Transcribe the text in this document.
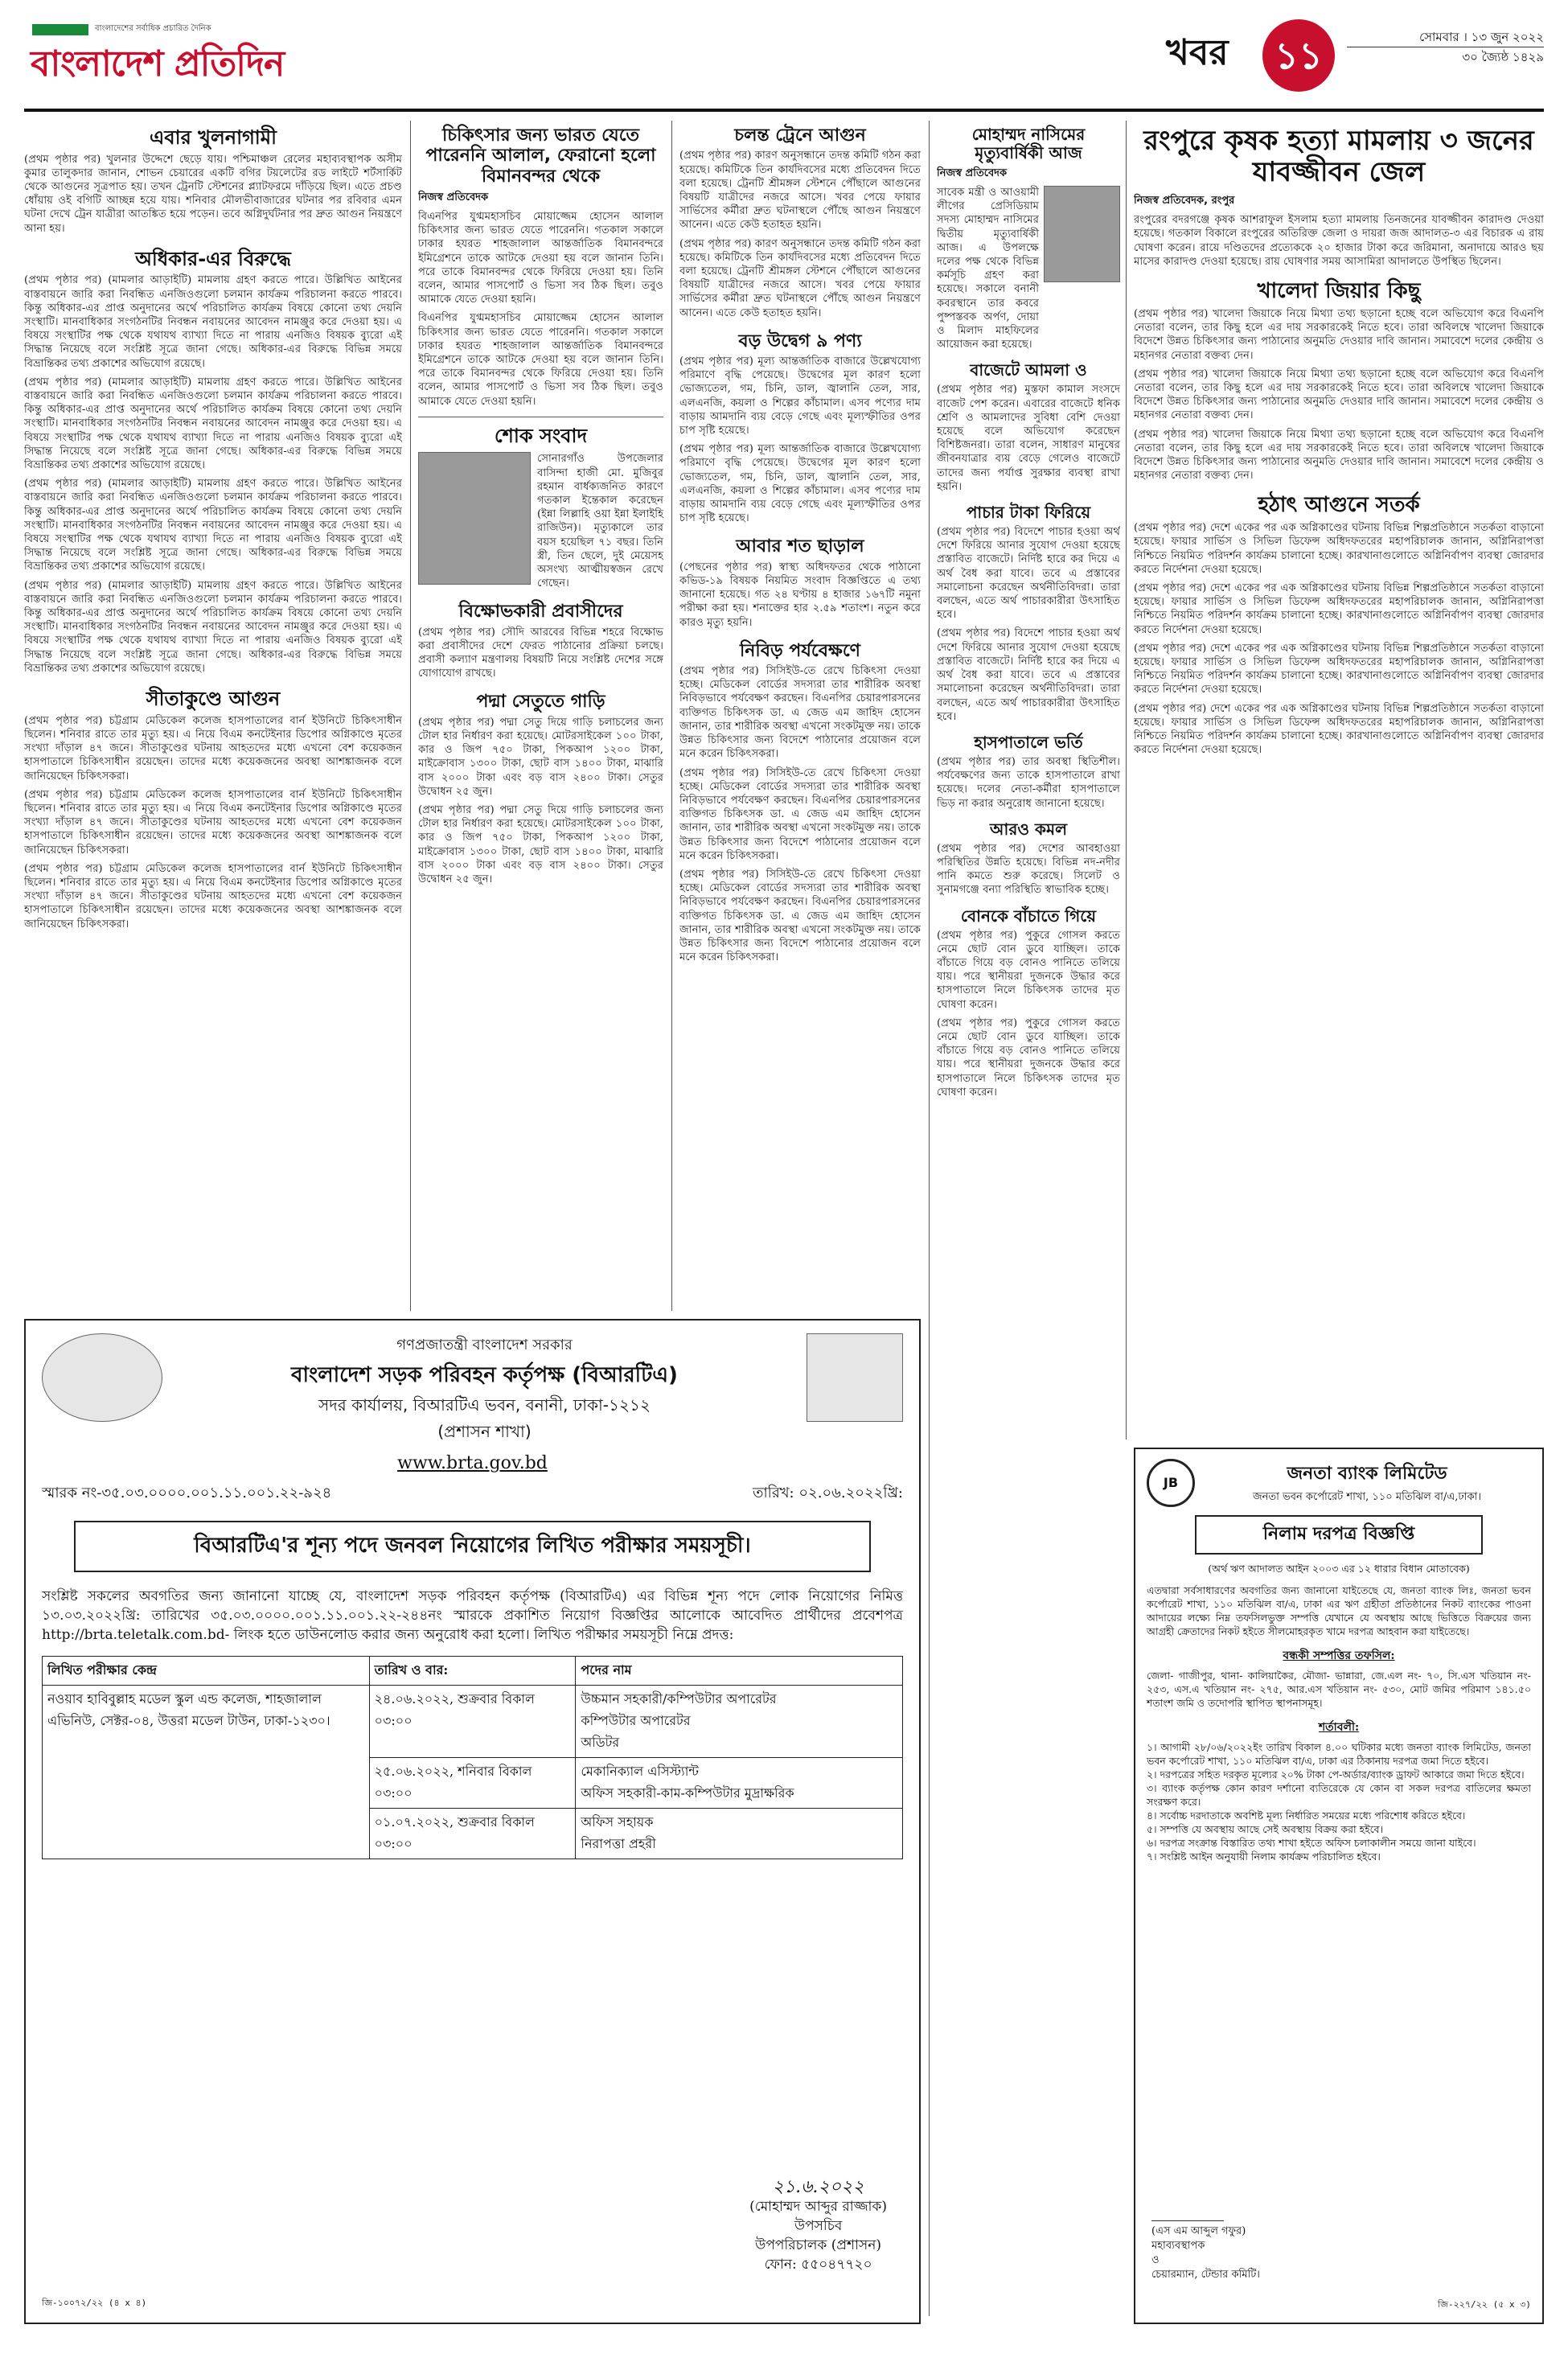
বাংলাদেশের সর্বাধিক প্রচারিত দৈনিক
বাংলাদেশ প্রতিদিন	খবর	১১	সোমবার । ১৩ জুন ২০২২
৩০ জ্যৈষ্ঠ ১৪২৯
এবার খুলনাগামী
(প্রথম পৃষ্ঠার পর) খুলনার উদ্দেশে ছেড়ে যায়। পশ্চিমাঞ্চল রেলের মহাব্যবস্থাপক অসীম কুমার তালুকদার জানান, শোভন চেয়ারের একটি বগির টয়লেটের রড লাইটে শর্টসার্কিট থেকে আগুনের সূত্রপাত হয়। তখন ট্রেনটি স্টেশনের প্ল্যাটফরমে দাঁড়িয়ে ছিল। এতে প্রচণ্ড ধোঁয়ায় ওই বগিটি আচ্ছন্ন হয়ে যায়। শনিবার মৌলভীবাজারের ঘটনার পর রবিবার এমন ঘটনা দেখে ট্রেন যাত্রীরা আতঙ্কিত হয়ে পড়েন। তবে অগ্নিদুর্ঘটনার পর দ্রুত আগুন নিয়ন্ত্রণে আনা হয়।
অধিকার-এর বিরুদ্ধে
(প্রথম পৃষ্ঠার পর) (মামলার আড়াইটি) মামলায় গ্রহণ করতে পারে। উল্লিখিত আইনের বাস্তবায়নে জারি করা নিবন্ধিত এনজিওগুলো চলমান কার্যক্রম পরিচালনা করতে পারবে। কিন্তু অধিকার-এর প্রাপ্ত অনুদানের অর্থে পরিচালিত কার্যক্রম বিষয়ে কোনো তথ্য দেয়নি সংস্থাটি। মানবাধিকার সংগঠনটির নিবন্ধন নবায়নের আবেদন নামঞ্জুর করে দেওয়া হয়। এ বিষয়ে সংস্থাটির পক্ষ থেকে যথাযথ ব্যাখ্যা দিতে না পারায় এনজিও বিষয়ক ব্যুরো এই সিদ্ধান্ত নিয়েছে বলে সংশ্লিষ্ট সূত্রে জানা গেছে। অধিকার-এর বিরুদ্ধে বিভিন্ন সময়ে বিভ্রান্তিকর তথ্য প্রকাশের অভিযোগ রয়েছে।
(প্রথম পৃষ্ঠার পর) (মামলার আড়াইটি) মামলায় গ্রহণ করতে পারে। উল্লিখিত আইনের বাস্তবায়নে জারি করা নিবন্ধিত এনজিওগুলো চলমান কার্যক্রম পরিচালনা করতে পারবে। কিন্তু অধিকার-এর প্রাপ্ত অনুদানের অর্থে পরিচালিত কার্যক্রম বিষয়ে কোনো তথ্য দেয়নি সংস্থাটি। মানবাধিকার সংগঠনটির নিবন্ধন নবায়নের আবেদন নামঞ্জুর করে দেওয়া হয়। এ বিষয়ে সংস্থাটির পক্ষ থেকে যথাযথ ব্যাখ্যা দিতে না পারায় এনজিও বিষয়ক ব্যুরো এই সিদ্ধান্ত নিয়েছে বলে সংশ্লিষ্ট সূত্রে জানা গেছে। অধিকার-এর বিরুদ্ধে বিভিন্ন সময়ে বিভ্রান্তিকর তথ্য প্রকাশের অভিযোগ রয়েছে।
(প্রথম পৃষ্ঠার পর) (মামলার আড়াইটি) মামলায় গ্রহণ করতে পারে। উল্লিখিত আইনের বাস্তবায়নে জারি করা নিবন্ধিত এনজিওগুলো চলমান কার্যক্রম পরিচালনা করতে পারবে। কিন্তু অধিকার-এর প্রাপ্ত অনুদানের অর্থে পরিচালিত কার্যক্রম বিষয়ে কোনো তথ্য দেয়নি সংস্থাটি। মানবাধিকার সংগঠনটির নিবন্ধন নবায়নের আবেদন নামঞ্জুর করে দেওয়া হয়। এ বিষয়ে সংস্থাটির পক্ষ থেকে যথাযথ ব্যাখ্যা দিতে না পারায় এনজিও বিষয়ক ব্যুরো এই সিদ্ধান্ত নিয়েছে বলে সংশ্লিষ্ট সূত্রে জানা গেছে। অধিকার-এর বিরুদ্ধে বিভিন্ন সময়ে বিভ্রান্তিকর তথ্য প্রকাশের অভিযোগ রয়েছে।
(প্রথম পৃষ্ঠার পর) (মামলার আড়াইটি) মামলায় গ্রহণ করতে পারে। উল্লিখিত আইনের বাস্তবায়নে জারি করা নিবন্ধিত এনজিওগুলো চলমান কার্যক্রম পরিচালনা করতে পারবে। কিন্তু অধিকার-এর প্রাপ্ত অনুদানের অর্থে পরিচালিত কার্যক্রম বিষয়ে কোনো তথ্য দেয়নি সংস্থাটি। মানবাধিকার সংগঠনটির নিবন্ধন নবায়নের আবেদন নামঞ্জুর করে দেওয়া হয়। এ বিষয়ে সংস্থাটির পক্ষ থেকে যথাযথ ব্যাখ্যা দিতে না পারায় এনজিও বিষয়ক ব্যুরো এই সিদ্ধান্ত নিয়েছে বলে সংশ্লিষ্ট সূত্রে জানা গেছে। অধিকার-এর বিরুদ্ধে বিভিন্ন সময়ে বিভ্রান্তিকর তথ্য প্রকাশের অভিযোগ রয়েছে।
সীতাকুণ্ডে আগুন
(প্রথম পৃষ্ঠার পর) চট্টগ্রাম মেডিকেল কলেজ হাসপাতালের বার্ন ইউনিটে চিকিৎসাধীন ছিলেন। শনিবার রাতে তার মৃত্যু হয়। এ নিয়ে বিএম কনটেইনার ডিপোর অগ্নিকাণ্ডে মৃতের সংখ্যা দাঁড়াল ৪৭ জনে। সীতাকুণ্ডের ঘটনায় আহতদের মধ্যে এখনো বেশ কয়েকজন হাসপাতালে চিকিৎসাধীন রয়েছেন। তাদের মধ্যে কয়েকজনের অবস্থা আশঙ্কাজনক বলে জানিয়েছেন চিকিৎসকরা।
(প্রথম পৃষ্ঠার পর) চট্টগ্রাম মেডিকেল কলেজ হাসপাতালের বার্ন ইউনিটে চিকিৎসাধীন ছিলেন। শনিবার রাতে তার মৃত্যু হয়। এ নিয়ে বিএম কনটেইনার ডিপোর অগ্নিকাণ্ডে মৃতের সংখ্যা দাঁড়াল ৪৭ জনে। সীতাকুণ্ডের ঘটনায় আহতদের মধ্যে এখনো বেশ কয়েকজন হাসপাতালে চিকিৎসাধীন রয়েছেন। তাদের মধ্যে কয়েকজনের অবস্থা আশঙ্কাজনক বলে জানিয়েছেন চিকিৎসকরা।
(প্রথম পৃষ্ঠার পর) চট্টগ্রাম মেডিকেল কলেজ হাসপাতালের বার্ন ইউনিটে চিকিৎসাধীন ছিলেন। শনিবার রাতে তার মৃত্যু হয়। এ নিয়ে বিএম কনটেইনার ডিপোর অগ্নিকাণ্ডে মৃতের সংখ্যা দাঁড়াল ৪৭ জনে। সীতাকুণ্ডের ঘটনায় আহতদের মধ্যে এখনো বেশ কয়েকজন হাসপাতালে চিকিৎসাধীন রয়েছেন। তাদের মধ্যে কয়েকজনের অবস্থা আশঙ্কাজনক বলে জানিয়েছেন চিকিৎসকরা।
চিকিৎসার জন্য ভারত যেতে পারেননি আলাল, ফেরানো হলো বিমানবন্দর থেকে
নিজস্ব প্রতিবেদক
বিএনপির যুগ্মমহাসচিব মোয়াজ্জেম হোসেন আলাল চিকিৎসার জন্য ভারত যেতে পারেননি। গতকাল সকালে ঢাকার হযরত শাহজালাল আন্তর্জাতিক বিমানবন্দরে ইমিগ্রেশনে তাকে আটকে দেওয়া হয় বলে জানান তিনি। পরে তাকে বিমানবন্দর থেকে ফিরিয়ে দেওয়া হয়। তিনি বলেন, আমার পাসপোর্ট ও ভিসা সব ঠিক ছিল। তবুও আমাকে যেতে দেওয়া হয়নি।
বিএনপির যুগ্মমহাসচিব মোয়াজ্জেম হোসেন আলাল চিকিৎসার জন্য ভারত যেতে পারেননি। গতকাল সকালে ঢাকার হযরত শাহজালাল আন্তর্জাতিক বিমানবন্দরে ইমিগ্রেশনে তাকে আটকে দেওয়া হয় বলে জানান তিনি। পরে তাকে বিমানবন্দর থেকে ফিরিয়ে দেওয়া হয়। তিনি বলেন, আমার পাসপোর্ট ও ভিসা সব ঠিক ছিল। তবুও আমাকে যেতে দেওয়া হয়নি।
শোক সংবাদ
সোনারগাঁও উপজেলার বাসিন্দা হাজী মো. মুজিবুর রহমান বার্ধক্যজনিত কারণে গতকাল ইন্তেকাল করেছেন (ইন্না লিল্লাহি ওয়া ইন্না ইলাইহি রাজিউন)। মৃত্যুকালে তার বয়স হয়েছিল ৭১ বছর। তিনি স্ত্রী, তিন ছেলে, দুই মেয়েসহ অসংখ্য আত্মীয়স্বজন রেখে গেছেন।
বিক্ষোভকারী প্রবাসীদের
(প্রথম পৃষ্ঠার পর) সৌদি আরবের বিভিন্ন শহরে বিক্ষোভ করা প্রবাসীদের দেশে ফেরত পাঠানোর প্রক্রিয়া চলছে। প্রবাসী কল্যাণ মন্ত্রণালয় বিষয়টি নিয়ে সংশ্লিষ্ট দেশের সঙ্গে যোগাযোগ রাখছে।
পদ্মা সেতুতে গাড়ি
(প্রথম পৃষ্ঠার পর) পদ্মা সেতু দিয়ে গাড়ি চলাচলের জন্য টোল হার নির্ধারণ করা হয়েছে। মোটরসাইকেল ১০০ টাকা, কার ও জিপ ৭৫০ টাকা, পিকআপ ১২০০ টাকা, মাইক্রোবাস ১৩০০ টাকা, ছোট বাস ১৪০০ টাকা, মাঝারি বাস ২০০০ টাকা এবং বড় বাস ২৪০০ টাকা। সেতুর উদ্বোধন ২৫ জুন।
(প্রথম পৃষ্ঠার পর) পদ্মা সেতু দিয়ে গাড়ি চলাচলের জন্য টোল হার নির্ধারণ করা হয়েছে। মোটরসাইকেল ১০০ টাকা, কার ও জিপ ৭৫০ টাকা, পিকআপ ১২০০ টাকা, মাইক্রোবাস ১৩০০ টাকা, ছোট বাস ১৪০০ টাকা, মাঝারি বাস ২০০০ টাকা এবং বড় বাস ২৪০০ টাকা। সেতুর উদ্বোধন ২৫ জুন।
চলন্ত ট্রেনে আগুন
(প্রথম পৃষ্ঠার পর) কারণ অনুসন্ধানে তদন্ত কমিটি গঠন করা হয়েছে। কমিটিকে তিন কার্যদিবসের মধ্যে প্রতিবেদন দিতে বলা হয়েছে। ট্রেনটি শ্রীমঙ্গল স্টেশনে পৌঁছালে আগুনের বিষয়টি যাত্রীদের নজরে আসে। খবর পেয়ে ফায়ার সার্ভিসের কর্মীরা দ্রুত ঘটনাস্থলে পৌঁছে আগুন নিয়ন্ত্রণে আনেন। এতে কেউ হতাহত হয়নি।
(প্রথম পৃষ্ঠার পর) কারণ অনুসন্ধানে তদন্ত কমিটি গঠন করা হয়েছে। কমিটিকে তিন কার্যদিবসের মধ্যে প্রতিবেদন দিতে বলা হয়েছে। ট্রেনটি শ্রীমঙ্গল স্টেশনে পৌঁছালে আগুনের বিষয়টি যাত্রীদের নজরে আসে। খবর পেয়ে ফায়ার সার্ভিসের কর্মীরা দ্রুত ঘটনাস্থলে পৌঁছে আগুন নিয়ন্ত্রণে আনেন। এতে কেউ হতাহত হয়নি।
বড় উদ্বেগ ৯ পণ্য
(প্রথম পৃষ্ঠার পর) মূল্য আন্তর্জাতিক বাজারে উল্লেখযোগ্য পরিমাণে বৃদ্ধি পেয়েছে। উদ্বেগের মূল কারণ হলো ভোজ্যতেল, গম, চিনি, ডাল, জ্বালানি তেল, সার, এলএনজি, কয়লা ও শিল্পের কাঁচামাল। এসব পণ্যের দাম বাড়ায় আমদানি ব্যয় বেড়ে গেছে এবং মূল্যস্ফীতির ওপর চাপ সৃষ্টি হয়েছে।
(প্রথম পৃষ্ঠার পর) মূল্য আন্তর্জাতিক বাজারে উল্লেখযোগ্য পরিমাণে বৃদ্ধি পেয়েছে। উদ্বেগের মূল কারণ হলো ভোজ্যতেল, গম, চিনি, ডাল, জ্বালানি তেল, সার, এলএনজি, কয়লা ও শিল্পের কাঁচামাল। এসব পণ্যের দাম বাড়ায় আমদানি ব্যয় বেড়ে গেছে এবং মূল্যস্ফীতির ওপর চাপ সৃষ্টি হয়েছে।
আবার শত ছাড়াল
(পেছনের পৃষ্ঠার পর) স্বাস্থ্য অধিদফতর থেকে পাঠানো কভিড-১৯ বিষয়ক নিয়মিত সংবাদ বিজ্ঞপ্তিতে এ তথ্য জানানো হয়েছে। গত ২৪ ঘণ্টায় ৪ হাজার ১৬৭টি নমুনা পরীক্ষা করা হয়। শনাক্তের হার ২.৫৯ শতাংশ। নতুন করে কারও মৃত্যু হয়নি।
নিবিড় পর্যবেক্ষণে
(প্রথম পৃষ্ঠার পর) সিসিইউ-তে রেখে চিকিৎসা দেওয়া হচ্ছে। মেডিকেল বোর্ডের সদস্যরা তার শারীরিক অবস্থা নিবিড়ভাবে পর্যবেক্ষণ করছেন। বিএনপির চেয়ারপারসনের ব্যক্তিগত চিকিৎসক ডা. এ জেড এম জাহিদ হোসেন জানান, তার শারীরিক অবস্থা এখনো সংকটমুক্ত নয়। তাকে উন্নত চিকিৎসার জন্য বিদেশে পাঠানোর প্রয়োজন বলে মনে করেন চিকিৎসকরা।
(প্রথম পৃষ্ঠার পর) সিসিইউ-তে রেখে চিকিৎসা দেওয়া হচ্ছে। মেডিকেল বোর্ডের সদস্যরা তার শারীরিক অবস্থা নিবিড়ভাবে পর্যবেক্ষণ করছেন। বিএনপির চেয়ারপারসনের ব্যক্তিগত চিকিৎসক ডা. এ জেড এম জাহিদ হোসেন জানান, তার শারীরিক অবস্থা এখনো সংকটমুক্ত নয়। তাকে উন্নত চিকিৎসার জন্য বিদেশে পাঠানোর প্রয়োজন বলে মনে করেন চিকিৎসকরা।
(প্রথম পৃষ্ঠার পর) সিসিইউ-তে রেখে চিকিৎসা দেওয়া হচ্ছে। মেডিকেল বোর্ডের সদস্যরা তার শারীরিক অবস্থা নিবিড়ভাবে পর্যবেক্ষণ করছেন। বিএনপির চেয়ারপারসনের ব্যক্তিগত চিকিৎসক ডা. এ জেড এম জাহিদ হোসেন জানান, তার শারীরিক অবস্থা এখনো সংকটমুক্ত নয়। তাকে উন্নত চিকিৎসার জন্য বিদেশে পাঠানোর প্রয়োজন বলে মনে করেন চিকিৎসকরা।
মোহাম্মদ নাসিমের মৃত্যুবার্ষিকী আজ
নিজস্ব প্রতিবেদক
সাবেক মন্ত্রী ও আওয়ামী লীগের প্রেসিডিয়াম সদস্য মোহাম্মদ নাসিমের দ্বিতীয় মৃত্যুবার্ষিকী আজ। এ উপলক্ষে দলের পক্ষ থেকে বিভিন্ন কর্মসূচি গ্রহণ করা হয়েছে। সকালে বনানী কবরস্থানে তার কবরে পুষ্পস্তবক অর্পণ, দোয়া ও মিলাদ মাহফিলের আয়োজন করা হয়েছে।
বাজেটে আমলা ও
(প্রথম পৃষ্ঠার পর) মুস্তফা কামাল সংসদে বাজেট পেশ করেন। এবারের বাজেটে ধনিক শ্রেণি ও আমলাদের সুবিধা বেশি দেওয়া হয়েছে বলে অভিযোগ করেছেন বিশিষ্টজনরা। তারা বলেন, সাধারণ মানুষের জীবনযাত্রার ব্যয় বেড়ে গেলেও বাজেটে তাদের জন্য পর্যাপ্ত সুরক্ষার ব্যবস্থা রাখা হয়নি।
পাচার টাকা ফিরিয়ে
(প্রথম পৃষ্ঠার পর) বিদেশে পাচার হওয়া অর্থ দেশে ফিরিয়ে আনার সুযোগ দেওয়া হয়েছে প্রস্তাবিত বাজেটে। নির্দিষ্ট হারে কর দিয়ে এ অর্থ বৈধ করা যাবে। তবে এ প্রস্তাবের সমালোচনা করেছেন অর্থনীতিবিদরা। তারা বলছেন, এতে অর্থ পাচারকারীরা উৎসাহিত হবে।
(প্রথম পৃষ্ঠার পর) বিদেশে পাচার হওয়া অর্থ দেশে ফিরিয়ে আনার সুযোগ দেওয়া হয়েছে প্রস্তাবিত বাজেটে। নির্দিষ্ট হারে কর দিয়ে এ অর্থ বৈধ করা যাবে। তবে এ প্রস্তাবের সমালোচনা করেছেন অর্থনীতিবিদরা। তারা বলছেন, এতে অর্থ পাচারকারীরা উৎসাহিত হবে।
হাসপাতালে ভর্তি
(প্রথম পৃষ্ঠার পর) তার অবস্থা স্থিতিশীল। পর্যবেক্ষণের জন্য তাকে হাসপাতালে রাখা হয়েছে। দলের নেতা-কর্মীরা হাসপাতালে ভিড় না করার অনুরোধ জানানো হয়েছে।
আরও কমল
(প্রথম পৃষ্ঠার পর) দেশের আবহাওয়া পরিস্থিতির উন্নতি হয়েছে। বিভিন্ন নদ-নদীর পানি কমতে শুরু করেছে। সিলেট ও সুনামগঞ্জে বন্যা পরিস্থিতি স্বাভাবিক হচ্ছে।
বোনকে বাঁচাতে গিয়ে
(প্রথম পৃষ্ঠার পর) পুকুরে গোসল করতে নেমে ছোট বোন ডুবে যাচ্ছিল। তাকে বাঁচাতে গিয়ে বড় বোনও পানিতে তলিয়ে যায়। পরে স্থানীয়রা দুজনকে উদ্ধার করে হাসপাতালে নিলে চিকিৎসক তাদের মৃত ঘোষণা করেন।
(প্রথম পৃষ্ঠার পর) পুকুরে গোসল করতে নেমে ছোট বোন ডুবে যাচ্ছিল। তাকে বাঁচাতে গিয়ে বড় বোনও পানিতে তলিয়ে যায়। পরে স্থানীয়রা দুজনকে উদ্ধার করে হাসপাতালে নিলে চিকিৎসক তাদের মৃত ঘোষণা করেন।
রংপুরে কৃষক হত্যা মামলায় ৩ জনের যাবজ্জীবন জেল
নিজস্ব প্রতিবেদক, রংপুর
রংপুরের বদরগঞ্জে কৃষক আশরাফুল ইসলাম হত্যা মামলায় তিনজনের যাবজ্জীবন কারাদণ্ড দেওয়া হয়েছে। গতকাল বিকালে রংপুরের অতিরিক্ত জেলা ও দায়রা জজ আদালত-৩ এর বিচারক এ রায় ঘোষণা করেন। রায়ে দণ্ডিতদের প্রত্যেককে ২০ হাজার টাকা করে জরিমানা, অনাদায়ে আরও ছয় মাসের কারাদণ্ড দেওয়া হয়েছে। রায় ঘোষণার সময় আসামিরা আদালতে উপস্থিত ছিলেন।
খালেদা জিয়ার কিছু
(প্রথম পৃষ্ঠার পর) খালেদা জিয়াকে নিয়ে মিথ্যা তথ্য ছড়ানো হচ্ছে বলে অভিযোগ করে বিএনপি নেতারা বলেন, তার কিছু হলে এর দায় সরকারকেই নিতে হবে। তারা অবিলম্বে খালেদা জিয়াকে বিদেশে উন্নত চিকিৎসার জন্য পাঠানোর অনুমতি দেওয়ার দাবি জানান। সমাবেশে দলের কেন্দ্রীয় ও মহানগর নেতারা বক্তব্য দেন।
(প্রথম পৃষ্ঠার পর) খালেদা জিয়াকে নিয়ে মিথ্যা তথ্য ছড়ানো হচ্ছে বলে অভিযোগ করে বিএনপি নেতারা বলেন, তার কিছু হলে এর দায় সরকারকেই নিতে হবে। তারা অবিলম্বে খালেদা জিয়াকে বিদেশে উন্নত চিকিৎসার জন্য পাঠানোর অনুমতি দেওয়ার দাবি জানান। সমাবেশে দলের কেন্দ্রীয় ও মহানগর নেতারা বক্তব্য দেন।
(প্রথম পৃষ্ঠার পর) খালেদা জিয়াকে নিয়ে মিথ্যা তথ্য ছড়ানো হচ্ছে বলে অভিযোগ করে বিএনপি নেতারা বলেন, তার কিছু হলে এর দায় সরকারকেই নিতে হবে। তারা অবিলম্বে খালেদা জিয়াকে বিদেশে উন্নত চিকিৎসার জন্য পাঠানোর অনুমতি দেওয়ার দাবি জানান। সমাবেশে দলের কেন্দ্রীয় ও মহানগর নেতারা বক্তব্য দেন।
হঠাৎ আগুনে সতর্ক
(প্রথম পৃষ্ঠার পর) দেশে একের পর এক অগ্নিকাণ্ডের ঘটনায় বিভিন্ন শিল্পপ্রতিষ্ঠানে সতর্কতা বাড়ানো হয়েছে। ফায়ার সার্ভিস ও সিভিল ডিফেন্স অধিদফতরের মহাপরিচালক জানান, অগ্নিনিরাপত্তা নিশ্চিতে নিয়মিত পরিদর্শন কার্যক্রম চালানো হচ্ছে। কারখানাগুলোতে অগ্নিনির্বাপণ ব্যবস্থা জোরদার করতে নির্দেশনা দেওয়া হয়েছে।
(প্রথম পৃষ্ঠার পর) দেশে একের পর এক অগ্নিকাণ্ডের ঘটনায় বিভিন্ন শিল্পপ্রতিষ্ঠানে সতর্কতা বাড়ানো হয়েছে। ফায়ার সার্ভিস ও সিভিল ডিফেন্স অধিদফতরের মহাপরিচালক জানান, অগ্নিনিরাপত্তা নিশ্চিতে নিয়মিত পরিদর্শন কার্যক্রম চালানো হচ্ছে। কারখানাগুলোতে অগ্নিনির্বাপণ ব্যবস্থা জোরদার করতে নির্দেশনা দেওয়া হয়েছে।
(প্রথম পৃষ্ঠার পর) দেশে একের পর এক অগ্নিকাণ্ডের ঘটনায় বিভিন্ন শিল্পপ্রতিষ্ঠানে সতর্কতা বাড়ানো হয়েছে। ফায়ার সার্ভিস ও সিভিল ডিফেন্স অধিদফতরের মহাপরিচালক জানান, অগ্নিনিরাপত্তা নিশ্চিতে নিয়মিত পরিদর্শন কার্যক্রম চালানো হচ্ছে। কারখানাগুলোতে অগ্নিনির্বাপণ ব্যবস্থা জোরদার করতে নির্দেশনা দেওয়া হয়েছে।
(প্রথম পৃষ্ঠার পর) দেশে একের পর এক অগ্নিকাণ্ডের ঘটনায় বিভিন্ন শিল্পপ্রতিষ্ঠানে সতর্কতা বাড়ানো হয়েছে। ফায়ার সার্ভিস ও সিভিল ডিফেন্স অধিদফতরের মহাপরিচালক জানান, অগ্নিনিরাপত্তা নিশ্চিতে নিয়মিত পরিদর্শন কার্যক্রম চালানো হচ্ছে। কারখানাগুলোতে অগ্নিনির্বাপণ ব্যবস্থা জোরদার করতে নির্দেশনা দেওয়া হয়েছে।
গণপ্রজাতন্ত্রী বাংলাদেশ সরকার
বাংলাদেশ সড়ক পরিবহন কর্তৃপক্ষ (বিআরটিএ)
সদর কার্যালয়, বিআরটিএ ভবন, বনানী, ঢাকা-১২১২
(প্রশাসন শাখা)
www.brta.gov.bd
স্মারক নং-৩৫.০৩.০০০০.০০১.১১.০০১.২২-৯২৪	তারিখ: ০২.০৬.২০২২খ্রি:
বিআরটিএ'র শূন্য পদে জনবল নিয়োগের লিখিত পরীক্ষার সময়সূচী।
সংশ্লিষ্ট সকলের অবগতির জন্য জানানো যাচ্ছে যে, বাংলাদেশ সড়ক পরিবহন কর্তৃপক্ষ (বিআরটিএ) এর বিভিন্ন শূন্য পদে লোক নিয়োগের নিমিত্ত ১৩.০৩.২০২২খ্রি: তারিখের ৩৫.০৩.০০০০.০০১.১১.০০১.২২-২৪৪নং স্মারকে প্রকাশিত নিয়োগ বিজ্ঞপ্তির আলোকে আবেদিত প্রার্থীদের প্রবেশপত্র http://brta.teletalk.com.bd- লিংক হতে ডাউনলোড করার জন্য অনুরোধ করা হলো। লিখিত পরীক্ষার সময়সূচী নিম্নে প্রদত্ত:
লিখিত পরীক্ষার কেন্দ্র	তারিখ ও বার:	পদের নাম
নওয়াব হাবিবুল্লাহ মডেল স্কুল এন্ড কলেজ, শাহজালাল এভিনিউ, সেক্টর-০৪, উত্তরা মডেল টাউন, ঢাকা-১২৩০।	২৪.০৬.২০২২, শুক্রবার বিকাল ০৩:০০	উচ্চমান সহকারী/কম্পিউটার অপারেটর
কম্পিউটার অপারেটর
অডিটর

	২৫.০৬.২০২২, শনিবার বিকাল ০৩:০০	মেকানিক্যাল এসিস্ট্যান্ট
অফিস সহকারী-কাম-কম্পিউটার মুদ্রাক্ষরিক

	০১.০৭.২০২২, শুক্রবার বিকাল ০৩:০০	অফিস সহায়ক
নিরাপত্তা প্রহরী
২১.৬.২০২২
(মোহাম্মদ আব্দুর রাজ্জাক)
উপসচিব
উপপরিচালক (প্রশাসন)
ফোন: ৫৫০৪৭৭২০
জি-১০০৭২/২২ (৪ x ৪)
JB	জনতা ব্যাংক লিমিটেড
জনতা ভবন কর্পোরেট শাখা, ১১০ মতিঝিল বা/এ,ঢাকা।
নিলাম দরপত্র বিজ্ঞপ্তি
(অর্থ ঋণ আদালত আইন ২০০৩ এর ১২ ধারার বিধান মোতাবেক)
এতদ্বারা সর্বসাধারণের অবগতির জন্য জানানো যাইতেছে যে, জনতা ব্যাংক লিঃ, জনতা ভবন কর্পোরেট শাখা, ১১০ মতিঝিল বা/এ, ঢাকা এর ঋণ গ্রহীতা প্রতিষ্ঠানের নিকট ব্যাংকের পাওনা আদায়ের লক্ষ্যে নিম্ন তফসিলভুক্ত সম্পত্তি যেখানে যে অবস্থায় আছে ভিত্তিতে বিক্রয়ের জন্য আগ্রহী ক্রেতাদের নিকট হইতে সীলমোহরকৃত খামে দরপত্র আহবান করা যাইতেছে।
বন্ধকী সম্পত্তির তফসিল:
জেলা- গাজীপুর, থানা- কালিয়াকৈর, মৌজা- ভান্নারা, জে.এল নং- ৭০, সি.এস খতিয়ান নং- ২৫৩, এস.এ খতিয়ান নং- ২৭৫, আর.এস খতিয়ান নং- ৫৩০, মোট জমির পরিমাণ ১৪১.৫০ শতাংশ জমি ও তদোপরি স্থাপিত স্থাপনাসমূহ।
শর্তাবলী:
১। আগামী ২৮/০৬/২০২২ইং তারিখ বিকাল ৪.০০ ঘটিকার মধ্যে জনতা ব্যাংক লিমিটেড, জনতা ভবন কর্পোরেট শাখা, ১১০ মতিঝিল বা/এ, ঢাকা এর ঠিকানায় দরপত্র জমা দিতে হইবে।
২। দরপত্রের সহিত দরকৃত মূল্যের ২০% টাকা পে-অর্ডার/ব্যাংক ড্রাফট আকারে জমা দিতে হইবে।
৩। ব্যাংক কর্তৃপক্ষ কোন কারণ দর্শানো ব্যতিরেকে যে কোন বা সকল দরপত্র বাতিলের ক্ষমতা সংরক্ষণ করে।
৪। সর্বোচ্চ দরদাতাকে অবশিষ্ট মূল্য নির্ধারিত সময়ের মধ্যে পরিশোধ করিতে হইবে।
৫। সম্পত্তি যে অবস্থায় আছে সেই অবস্থায় বিক্রয় করা হইবে।
৬। দরপত্র সংক্রান্ত বিস্তারিত তথ্য শাখা হইতে অফিস চলাকালীন সময়ে জানা যাইবে।
৭। সংশ্লিষ্ট আইন অনুযায়ী নিলাম কার্যক্রম পরিচালিত হইবে।
(এস এম আব্দুল গফুর)
মহাব্যবস্থাপক
ও
চেয়ারম্যান, টেন্ডার কমিটি।
জি-২২৭/২২ (৫ x ৩)
